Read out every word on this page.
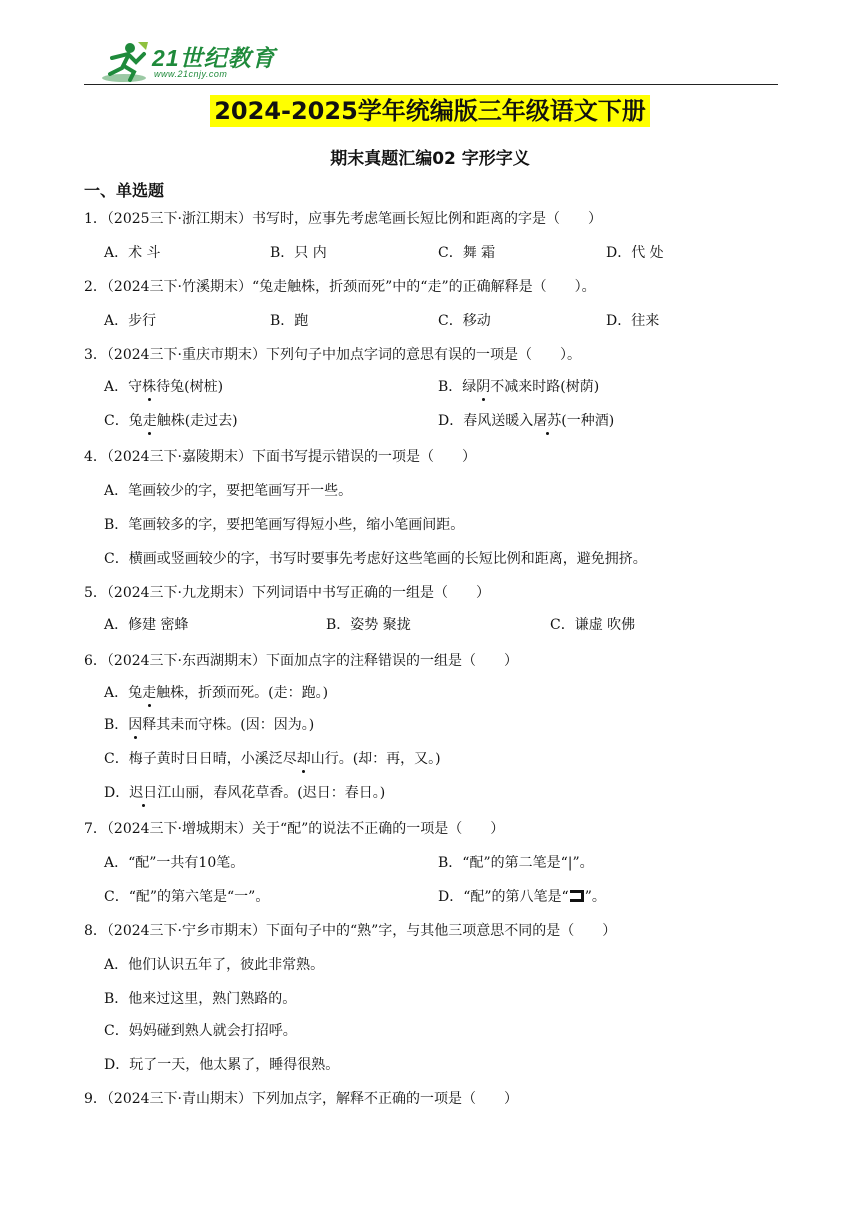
21世纪教育
www.21cnjy.com
2024-2025学年统编版三年级语文下册
期末真题汇编02 字形字义
一、单选题
1．（2025三下·浙江期末）书写时，应事先考虑笔画长短比例和距离的字是（　　）
A．术 斗	B．只 内	C．舞 霜	D．代 处
2．（2024三下·竹溪期末）“兔走触株，折颈而死”中的“走”的正确解释是（　　）。
A．步行	B．跑	C．移动	D．往来
3．（2024三下·重庆市期末）下列句子中加点字词的意思有误的一项是（　　）。
A．守株待兔(树桩)	B．绿阴不减来时路(树荫)
C．兔走触株(走过去)	D．春风送暖入屠苏(一种酒)
4．（2024三下·嘉陵期末）下面书写提示错误的一项是（　　）
A．笔画较少的字，要把笔画写开一些。
B．笔画较多的字，要把笔画写得短小些，缩小笔画间距。
C．横画或竖画较少的字，书写时要事先考虑好这些笔画的长短比例和距离，避免拥挤。
5．（2024三下·九龙期末）下列词语中书写正确的一组是（　　）
A．修建 密蜂	B．姿势 聚拢	C．谦虚 吹佛
6．（2024三下·东西湖期末）下面加点字的注释错误的一组是（　　）
A．兔走触株，折颈而死。(走：跑。)
B．因释其耒而守株。(因：因为。)
C．梅子黄时日日晴，小溪泛尽却山行。(却：再，又。)
D．迟日江山丽，春风花草香。(迟日：春日。)
7．（2024三下·增城期末）关于“配”的说法不正确的一项是（　　）
A．“配”一共有10笔。	B．“配”的第二笔是“|”。
C．“配”的第六笔是“一”。	D．“配”的第八笔是“ ”。
8．（2024三下·宁乡市期末）下面句子中的“熟”字，与其他三项意思不同的是（　　）
A．他们认识五年了，彼此非常熟。
B．他来过这里，熟门熟路的。
C．妈妈碰到熟人就会打招呼。
D．玩了一天，他太累了，睡得很熟。
9．（2024三下·青山期末）下列加点字，解释不正确的一项是（　　）
